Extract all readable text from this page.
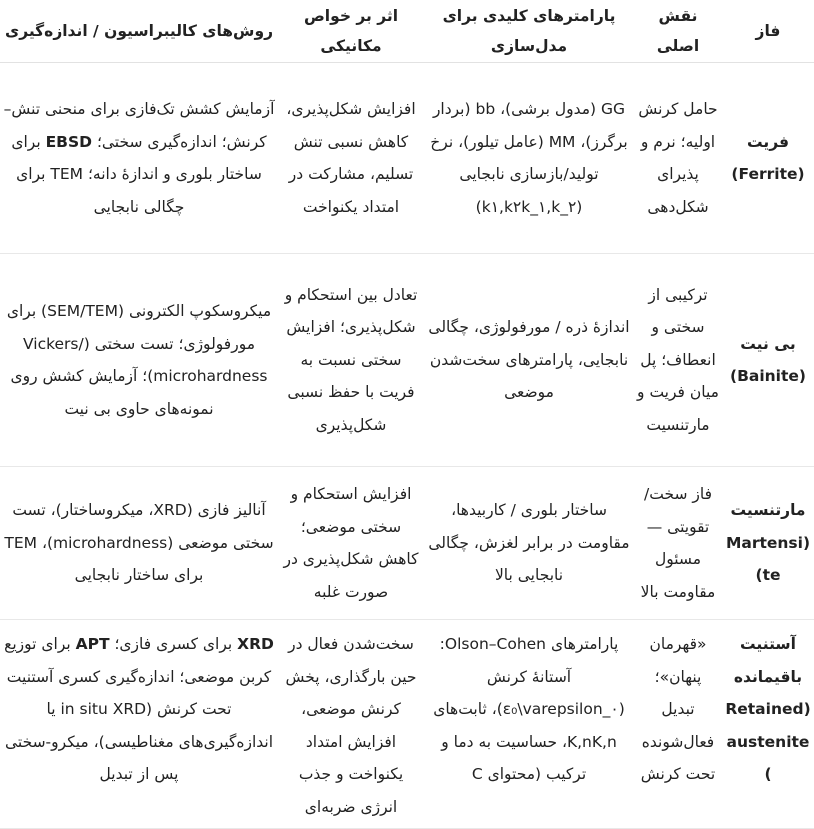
فاز	نقش اصلی	پارامترهای کلیدی برای مدل‌سازی	اثر بر خواص مکانیکی	روش‌های کالیبراسیون / اندازه‌گیری
فریت (Ferrite)	حامل کرنش اولیه؛ نرم و پذیرای شکل‌دهی	GG (مدول برشی)، bb (بردار برگرز)، MM (عامل تیلور)، نرخ تولید/بازسازی نابجایی (k۱,k۲k_۱,k_۲)	افزایش شکل‌پذیری، کاهش نسبی تنش تسلیم، مشارکت در امتداد یکنواخت	آزمایش کشش تک‌فازی برای منحنی تنش–کرنش؛ اندازه‌گیری سختی؛ EBSD برای ساختار بلوری و اندازهٔ دانه؛ TEM برای چگالی نابجایی
بی نیت (Bainite)	ترکیبی از سختی و انعطاف؛ پل میان فریت و مارتنسیت	اندازهٔ ذره / مورفولوژی، چگالی نابجایی، پارامترهای سخت‌شدن موضعی	تعادل بین استحکام و شکل‌پذیری؛ افزایش سختی نسبت به فریت با حفظ نسبی شکل‌پذیری	میکروسکوپ الکترونی (SEM/TEM) برای مورفولوژی؛ تست سختی (Vickers/ microhardness)؛ آزمایش کشش روی نمونه‌های حاوی بی نیت
مارتنسیت (Martensite)	فاز سخت/ تقویتی — مسئول مقاومت بالا	ساختار بلوری / کاربیدها، مقاومت در برابر لغزش، چگالی نابجایی بالا	افزایش استحکام و سختی موضعی؛ کاهش شکل‌پذیری در صورت غلبه	آنالیز فازی (XRD، میکروساختار)، تست سختی موضعی (microhardness)، TEM برای ساختار نابجایی
آستنیت باقیمانده (Retained austenite)	«قهرمان پنهان»؛ تبدیل فعال‌شونده تحت کرنش	پارامترهای Olson–Cohen: آستانهٔ کرنش (ε₀\varepsilon_۰)، ثابت‌های K,nK,n، حساسیت به دما و ترکیب (محتوای C	سخت‌شدن فعال در حین بارگذاری، پخش کرنش موضعی، افزایش امتداد یکنواخت و جذب انرژی ضربه‌ای	XRD برای کسری فازی؛ APT برای توزیع کربن موضعی؛ اندازه‌گیری کسری آستنیت تحت کرنش (in situ XRD یا اندازه‌گیری‌های مغناطیسی)، میکرو-سختی پس از تبدیل
